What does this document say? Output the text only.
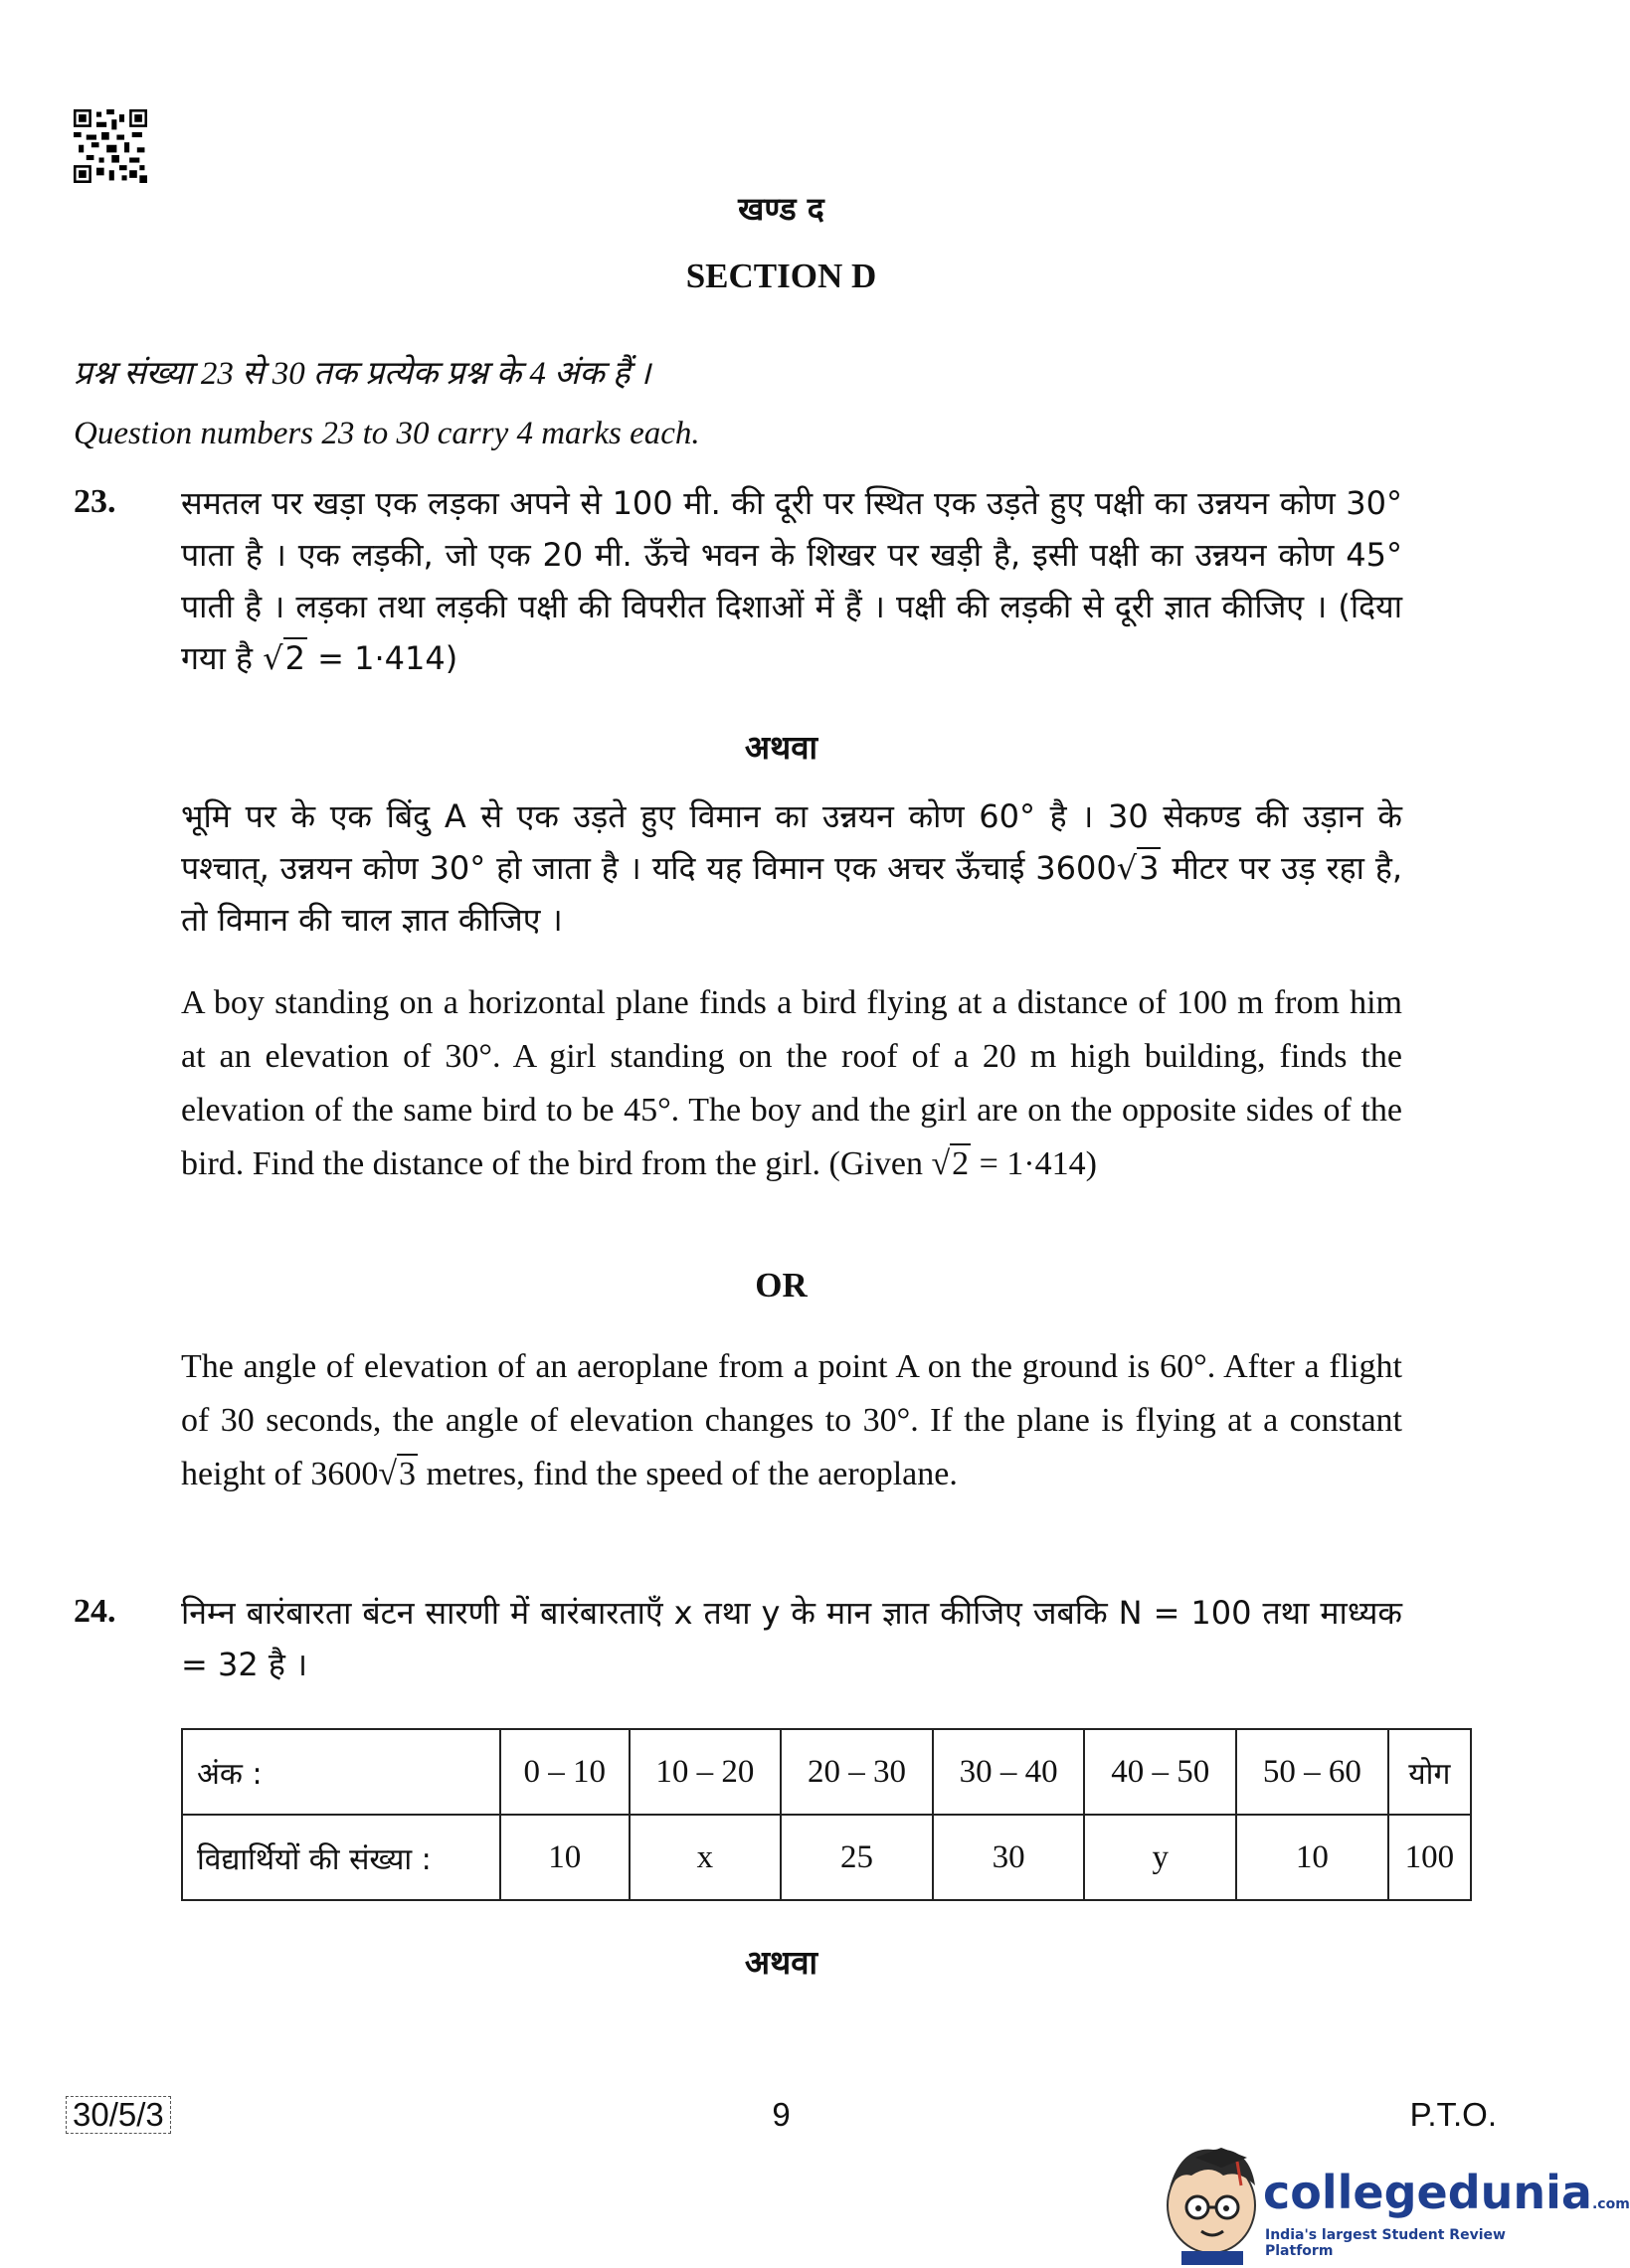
खण्ड द
SECTION D
प्रश्न संख्या 23 से 30 तक प्रत्येक प्रश्न के 4 अंक हैं ।
Question numbers 23 to 30 carry 4 marks each.
23. समतल पर खड़ा एक लड़का अपने से 100 मी. की दूरी पर स्थित एक उड़ते हुए पक्षी का उन्नयन कोण 30° पाता है । एक लड़की, जो एक 20 मी. ऊँचे भवन के शिखर पर खड़ी है, इसी पक्षी का उन्नयन कोण 45° पाती है । लड़का तथा लड़की पक्षी की विपरीत दिशाओं में हैं । पक्षी की लड़की से दूरी ज्ञात कीजिए । (दिया गया है √2 = 1·414)
अथवा
भूमि पर के एक बिंदु A से एक उड़ते हुए विमान का उन्नयन कोण 60° है । 30 सेकण्ड की उड़ान के पश्चात्, उन्नयन कोण 30° हो जाता है । यदि यह विमान एक अचर ऊँचाई 3600√3 मीटर पर उड़ रहा है, तो विमान की चाल ज्ञात कीजिए ।
A boy standing on a horizontal plane finds a bird flying at a distance of 100 m from him at an elevation of 30°. A girl standing on the roof of a 20 m high building, finds the elevation of the same bird to be 45°. The boy and the girl are on the opposite sides of the bird. Find the distance of the bird from the girl. (Given √2 = 1·414)
OR
The angle of elevation of an aeroplane from a point A on the ground is 60°. After a flight of 30 seconds, the angle of elevation changes to 30°. If the plane is flying at a constant height of 3600√3 metres, find the speed of the aeroplane.
24. निम्न बारंबारता बंटन सारणी में बारंबारताएँ x तथा y के मान ज्ञात कीजिए जबकि N = 100 तथा माध्यक = 32 है ।
अंक :	0 – 10	10 – 20	20 – 30	30 – 40	40 – 50	50 – 60	योग
विद्यार्थियों की संख्या :	10	x	25	30	y	10	100
अथवा
30/5/3	9	P.T.O.
collegedunia.com
India's largest Student Review Platform
